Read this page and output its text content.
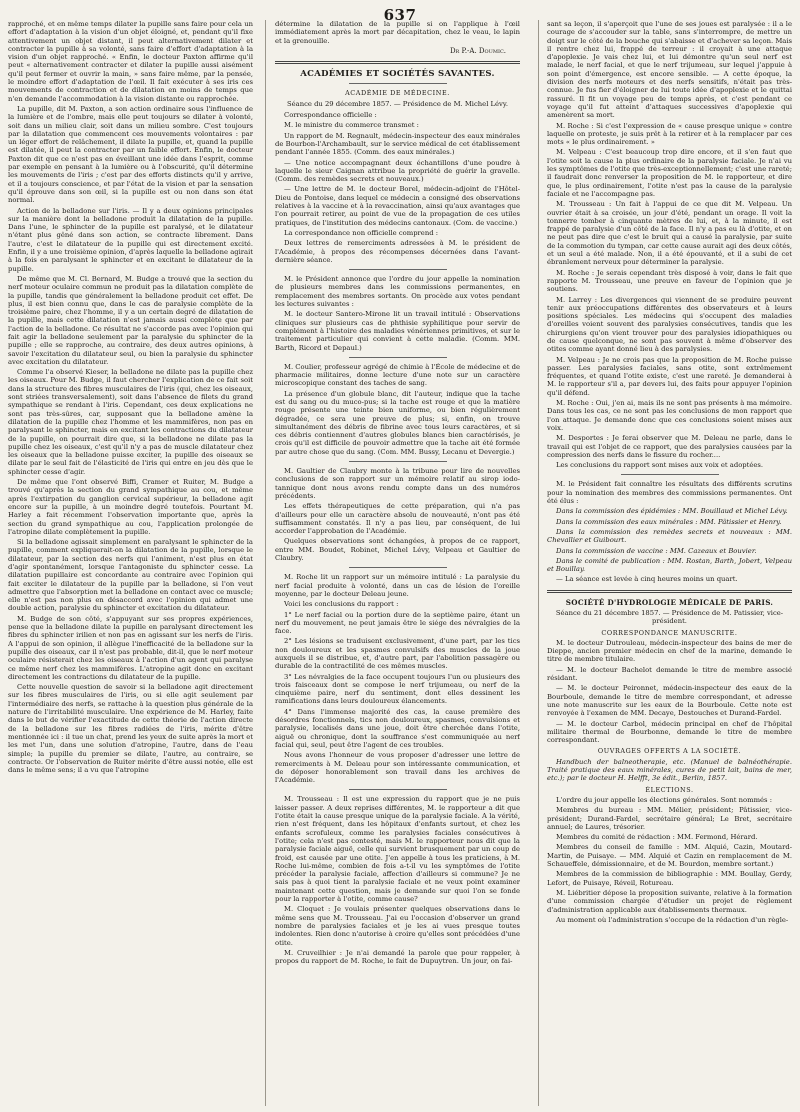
637

rapproché, et en même temps dilater la pupille sans faire pour cela un effort d'adaptation à la vision d'un objet éloigné, et, pendant qu'il fixe attentivement un objet distant, il peut alternativement dilater et contracter la pupille à sa volonté, sans faire d'effort d'adaptation à la vision d'un objet rapproché. « Enfin, le docteur Paxton affirme qu'il peut « alternativement contracter et dilater la pupille aussi aisément qu'il peut fermer et ouvrir la main, » sans faire même, par la pensée, le moindre effort d'adaptation de l'œil. Il fait exécuter à ses iris ces mouvements de contraction et de dilatation en moins de temps que n'en demande l'accommodation à la vision distante ou rapprochée.

La pupille, dit M. Paxton, a son action ordinaire sous l'influence de la lumière et de l'ombre, mais elle peut toujours se dilater à volonté, soit dans un milieu clair, soit dans un milieu sombre. C'est toujours par la dilatation que commencent ces mouvements volontaires : par un léger effort de relâchement, il dilate la pupille, et, quand la pupille est dilatée, il peut la contracter par un faible effort. Enfin, le docteur Paxton dit que ce n'est pas en éveillant une idée dans l'esprit, comme par exemple en pensant à la lumière ou à l'obscurité, qu'il détermine les mouvements de l'iris ; c'est par des efforts distincts qu'il y arrive, et il a toujours conscience, et par l'état de la vision et par la sensation qu'il éprouve dans son œil, si la pupille est ou non dans son état normal.

Action de la belladone sur l'iris. — Il y a deux opinions principales sur la manière dont la belladone produit la dilatation de la pupille. Dans l'une, le sphincter de la pupille est paralysé, et le dilatateur n'étant plus gêné dans son action, se contracte librement. Dans l'autre, c'est le dilatateur de la pupille qui est directement excité. Enfin, il y a une troisième opinion, d'après laquelle la belladone agirait à la fois en paralysant le sphincter et en excitant le dilatateur de la pupille.

De même que M. Cl. Bernard, M. Budge a trouvé que la section du nerf moteur oculaire commun ne produit pas la dilatation complète de la pupille, tandis que généralement la belladone produit cet effet. De plus, il est bien connu que, dans le cas de paralysie complète de la troisième paire, chez l'homme, il y a un certain degré de dilatation de la pupille, mais cette dilatation n'est jamais aussi complète que par l'action de la belladone. Ce résultat ne s'accorde pas avec l'opinion qui fait agir la belladone seulement par la paralysie du sphincter de la pupille ; elle se rapproche, au contraire, des deux autres opinions, à savoir l'excitation du dilatateur seul, ou bien la paralysie du sphincter avec excitation du dilatateur.

Comme l'a observé Kieser, la belladone ne dilate pas la pupille chez les oiseaux. Pour M. Budge, il faut chercher l'explication de ce fait soit dans la structure des fibres musculaires de l'iris (qui, chez les oiseaux, sont striées transversalement), soit dans l'absence de filets du grand sympathique se rendant à l'iris. Cependant, ces deux explications ne sont pas très-sûres, car, supposant que la belladone amène la dilatation de la pupille chez l'homme et les mammifères, non pas en paralysant le sphincter, mais en excitant les contractions du dilatateur de la pupille, on pourrait dire que, si la belladone ne dilate pas la pupille chez les oiseaux, c'est qu'il n'y a pas de muscle dilatateur chez les oiseaux que la belladone puisse exciter, la pupille des oiseaux se dilate par le seul fait de l'élasticité de l'iris qui entre en jeu dès que le sphincter cesse d'agir.

De même que l'ont observé Biffi, Cramer et Ruiter, M. Budge a trouvé qu'après la section du grand sympathique au cou, et même après l'extirpation du ganglion cervical supérieur, la belladone agit encore sur la pupille, à un moindre degré toutefois. Pourtant M. Harley a fait récemment l'observation importante que, après la section du grand sympathique au cou, l'application prolongée de l'atropine dilate complètement la pupille.

Si la belladone agissait simplement en paralysant le sphincter de la pupille, comment expliquerait-on la dilatation de la pupille, lorsque le dilatateur, par la section des nerfs qui l'animent, n'est plus en état d'agir spontanément, lorsque l'antagoniste du sphincter cesse. La dilatation pupillaire est concordante au contraire avec l'opinion qui fait exciter le dilatateur de la pupille par la belladone, si l'on veut admettre que l'absorption met la belladone en contact avec ce muscle; elle n'est pas non plus en désaccord avec l'opinion qui admet une double action, paralysie du sphincter et excitation du dilatateur.

M. Budge de son côté, s'appuyant sur ses propres expériences, pense que la belladone dilate la pupille en paralysant directement les fibres du sphincter irilien et non pas en agissant sur les nerfs de l'iris. A l'appui de son opinion, il allègue l'inefficacité de la belladone sur la pupille des oiseaux, car il n'est pas probable, dit-il, que le nerf moteur oculaire résisterait chez les oiseaux à l'action d'un agent qui paralyse ce même nerf chez les mammifères. L'atropine agit donc en excitant directement les contractions du dilatateur de la pupille.

Cette nouvelle question de savoir si la belladone agit directement sur les fibres musculaires de l'iris, ou si elle agit seulement par l'intermédiaire des nerfs, se rattache à la question plus générale de la nature de l'irritabilité musculaire. Une expérience de M. Harley, faite dans le but de vérifier l'exactitude de cette théorie de l'action directe de la belladone sur les fibres radiées de l'iris, mérite d'être mentionnée ici : il tue un chat, prend les yeux de suite après la mort et les met l'un, dans une solution d'atropine, l'autre, dans de l'eau simple; la pupille du premier se dilate, l'autre, au contraire, se contracte. Or l'observation de Ruiter mérite d'être aussi notée, elle est dans le même sens; il a vu que l'atropine

détermine la dilatation de la pupille si on l'applique à l'œil immédiatement après la mort par décapitation, chez le veau, le lapin et la grenouille.

Dr P.-A. Doumic.
ACADÉMIES ET SOCIÉTÉS SAVANTES.
ACADÉMIE DE MÉDECINE.
Séance du 29 décembre 1857. — Présidence de M. Michel Lévy.

Correspondance officielle :

M. le ministre du commerce transmet :

Un rapport de M. Regnault, médecin-inspecteur des eaux minérales de Bourbon-l'Archambault, sur le service médical de cet établissement pendant l'année 1855. (Comm. des eaux minérales.)

— Une notice accompagnant deux échantillons d'une poudre à laquelle le sieur Caignan attribue la propriété de guérir la gravelle. (Comm. des remèdes secrets et nouveaux.)

— Une lettre de M. le docteur Borel, médecin-adjoint de l'Hôtel-Dieu de Pontoise, dans lequel ce médecin a consigné des observations relatives à la vaccine et à la revaccination, ainsi qu'aux avantages que l'on pourrait retirer, au point de vue de la propagation de ces utiles pratiques, de l'institution des médecins cantonaux. (Com. de vaccine.)

La correspondance non officielle comprend :

Deux lettres de remerciments adressées à M. le président de l'Académie, à propos des récompenses décernées dans l'avant-dernière séance.

M. le Président annonce que l'ordre du jour appelle la nomination de plusieurs membres dans les commissions permanentes, en remplacement des membres sortants. On procède aux votes pendant les lectures suivantes :

M. le docteur Santero-Mirone lit un travail intitulé : Observations cliniques sur plusieurs cas de phthisie syphilitique pour servir de complément à l'histoire des maladies vénériennes primitives, et sur le traitement particulier qui convient à cette maladie. (Comm. MM. Barth, Ricord et Depaul.)

M. Coulier, professeur agrégé de chimie à l'École de médecine et de pharmacie militaires, donne lecture d'une note sur un caractère microscopique constant des taches de sang.

La présence d'un globule blanc, dit l'auteur, indique que la tache est du sang ou du muco-pus; si la tache est rouge et que la matière rouge présente une teinte bien uniforme, ou bien régulièrement dégradée, ce sera une preuve de plus; si, enfin, on trouve simultanément des débris de fibrine avec tous leurs caractères, et si ces débris contiennent d'autres globules blancs bien caractérisés, je crois qu'il est difficile de pouvoir admettre que la tache ait été formée par autre chose que du sang. (Com. MM. Bussy, Lecanu et Devergie.)

M. Gaultier de Claubry monte à la tribune pour lire de nouvelles conclusions de son rapport sur un mémoire relatif au sirop iodo-tannique dont nous avons rendu compte dans un des numéros précédents.

Les effets thérapeutiques de cette préparation, qui n'a pas d'ailleurs pour elle un caractère absolu de nouveauté, n'ont pas été suffisamment constatés. Il n'y a pas lieu, par conséquent, de lui accorder l'approbation de l'Académie.

Quelques observations sont échangées, à propos de ce rapport, entre MM. Boudet, Robinet, Michel Lévy, Velpeau et Gaultier de Claubry.

M. Roche lit un rapport sur un mémoire intitulé : La paralysie du nerf facial produite à volonté, dans un cas de lésion de l'oreille moyenne, par le docteur Deleau jeune.

Voici les conclusions du rapport :

1° Le nerf facial ou la portion dure de la septième paire, étant un nerf du mouvement, ne peut jamais être le siége des névralgies de la face.

2° Les lésions se traduisent exclusivement, d'une part, par les tics non douloureux et les spasmes convulsifs des muscles de la joue auxquels il se distribue, et, d'autre part, par l'abolition passagère ou durable de la contractilité de ces mêmes muscles.

3° Les névralgies de la face occupent toujours l'un ou plusieurs des trois faisceaux dont se compose le nerf trijumeau, ou nerf de la cinquième paire, nerf du sentiment, dont elles dessinent les ramifications dans leurs douloureux élancements.

4° Dans l'immense majorité des cas, la cause première des désordres fonctionnels, tics non douloureux, spasmes, convulsions et paralysie, localisés dans une joue, doit être cherchée dans l'otite, aiguë ou chronique, dont la souffrance s'est communiquée au nerf facial qui, seul, peut être l'agent de ces troubles.

Nous avons l'honneur de vous proposer d'adresser une lettre de remerciments à M. Deleau pour son intéressante communication, et de déposer honorablement son travail dans les archives de l'Académie.

M. Trousseau : Il est une expression du rapport que je ne puis laisser passer. A deux reprises différentes, M. le rapporteur a dit que l'otite était la cause presque unique de la paralysie faciale. A la vérité, rien n'est fréquent, dans les hôpitaux d'enfants surtout, et chez les enfants scrofuleux, comme les paralysies faciales consécutives à l'otite; cela n'est pas contesté, mais M. le rapporteur nous dit que la paralysie faciale aiguë, celle qui survient brusquement par un coup de froid, est causée par une otite. J'en appelle à tous les praticiens, à M. Roche lui-même, combien de fois a-t-il vu les symptômes de l'otite précéder la paralysie faciale, affection d'ailleurs si commune? Je ne sais pas à quoi tient la paralysie faciale et ne veux point examiner maintenant cette question, mais je demande sur quoi l'on se fonde pour la rapporter à l'otite, comme cause?

M. Cloquet : Je voulais présenter quelques observations dans le même sens que M. Trousseau. J'ai eu l'occasion d'observer un grand nombre de paralysies faciales et je les ai vues presque toutes indolentes. Rien donc n'autorise à croire qu'elles sont précédées d'une otite.

M. Cruveilhier : Je n'ai demandé la parole que pour rappeler, à propos du rapport de M. Roche, le fait de Dupuytren. Un jour, on fai-

sant sa leçon, il s'aperçoit que l'une de ses joues est paralysée : il a le courage de s'accouder sur la table, sans s'interrompre, de mettre un doigt sur le côté de la bouche qui s'abaisse et d'achever sa leçon. Mais il rentre chez lui, frappé de terreur : il croyait à une attaque d'apoplexie. Je vais chez lui, et lui démontre qu'un seul nerf est malade, le nerf facial, et que le nerf trijumeau, sur lequel j'appuie à son point d'émergence, est encore sensible. — A cette époque, la division des nerfs moteurs et des nerfs sensitifs, n'était pas très-connue. Je fus fier d'éloigner de lui toute idée d'apoplexie et le quittai rassuré. Il fit un voyage peu de temps après, et c'est pendant ce voyage qu'il fut atteint d'attaques successives d'apoplexie qui amenèrent sa mort.

M. Roche : Si c'est l'expression de « cause presque unique » contre laquelle on proteste, je suis prêt à la retirer et à la remplacer par ces mots « le plus ordinairement. »

M. Velpeau : C'est beaucoup trop dire encore, et il s'en faut que l'otite soit la cause la plus ordinaire de la paralysie faciale. Je n'ai vu les symptômes de l'otite que très-exceptionnellement; c'est une rareté; il faudrait donc renverser la proposition de M. le rapporteur, et dire que, le plus ordinairement, l'otite n'est pas la cause de la paralysie faciale et ne l'accompagne pas.

M. Trousseau : Un fait à l'appui de ce que dit M. Velpeau. Un ouvrier était à sa croisée, un jour d'été, pendant un orage. Il voit la tonnerre tomber à cinquante mètres de lui, et, à la minute, il est frappé de paralysie d'un côté de la face. Il n'y a pas eu là d'otite, et on ne peut pas dire que c'est le bruit qui a causé la paralysie, par suite de la commotion du tympan, car cette cause aurait agi des deux côtés, et un seul a été malade. Non, il a été épouvanté, et il a subi de cet ébranlement nerveux pour déterminer la paralysie.

M. Roche : Je serais cependant très disposé à voir, dans le fait que rapporte M. Trousseau, une preuve en faveur de l'opinion que je soutiens.

M. Larrey : Les divergences qui viennent de se produire peuvent tenir aux préoccupations différentes des observateurs et à leurs positions spéciales. Les médecins qui s'occupent des maladies d'oreilles voient souvent des paralysies consécutives, tandis que les chirurgiens qu'on vient trouver pour des paralysies idiopathiques ou de cause quelconque, ne sont pas souvent à même d'observer des otites comme ayant donné lieu à des paralysies.

M. Velpeau : Je ne crois pas que la proposition de M. Roche puisse passer. Les paralysies faciales, sans otite, sont extrêmement fréquentes, et quand l'otite existe, c'est une rareté. Je demanderai à M. le rapporteur s'il a, par devers lui, des faits pour appuyer l'opinion qu'il défend.

M. Roche : Oui, j'en ai, mais ils ne sont pas présents à ma mémoire. Dans tous les cas, ce ne sont pas les conclusions de mon rapport que l'on attaque. Je demande donc que ces conclusions soient mises aux voix.

M. Desportes : Je ferai observer que M. Deleau ne parle, dans le travail qui est l'objet de ce rapport, que des paralysies causées par la compression des nerfs dans le fissure du rocher....

Les conclusions du rapport sont mises aux voix et adoptées.

M. le Président fait connaître les résultats des différents scrutins pour la nomination des membres des commissions permanentes. Ont été élus :

Dans la commission des épidémies : MM. Bouillaud et Michel Lévy.

Dans la commission des eaux minérales : MM. Pâtissier et Henry.

Dans la commission des remèdes secrets et nouveaux : MM. Chevallier et Guibourt.

Dans la commission de vaccine : MM. Cazeaux et Bouvier.

Dans le comité de publication : MM. Rostan, Barth, Jobert, Velpeau et Bouillay.

— La séance est levée à cinq heures moins un quart.

SOCIÉTÉ D'HYDROLOGIE MÉDICALE DE PARIS.
Séance du 21 décembre 1857. — Présidence de M. Patissier, vice-président.
CORRESPONDANCE MANUSCRITE.

M. le docteur Dutrouleau, médecin-inspecteur des bains de mer de Dieppe, ancien premier médecin en chef de la marine, demande le titre de membre titulaire.

— M. le docteur Bachelot demande le titre de membre associé résidant.

— M. le docteur Peironnet, médecin-inspecteur des eaux de la Bourboule, demande le titre de membre correspondant, et adresse une note manuscrite sur les eaux de la Bourboule. Cette note est renvoyée à l'examen de MM. Decaye, Destouches et Durand-Fardel.

— M. le docteur Carbol, médecin principal en chef de l'hôpital militaire thermal de Bourbonne, demande le titre de membre correspondant.

OUVRAGES OFFERTS A LA SOCIÉTÉ.

Handbuch der balneotherapie, etc. (Manuel de balnéothérapie. Traité pratique des eaux minérales, cures de petit lait, bains de mer, etc.); par le docteur H. Helfft, 3e édit., Berlin, 1857.

ÉLECTIONS.

L'ordre du jour appelle les élections générales. Sont nommés :

Membres du bureau : MM. Mélier, président; Pâtissier, vice-président; Durand-Fardel, secrétaire général; Le Bret, secrétaire annuel; de Laures, trésorier.

Membres du comité de rédaction : MM. Fermond, Hérard.

Membres du conseil de famille : MM. Alquié, Cazin, Moutard-Martin, de Puisaye. — MM. Alquié et Cazin en remplacement de M. Schaueffele, démissionnaire, et de M. Bourdon, membre sortant.)

Membres de la commission de bibliographie : MM. Boullay, Gerdy, Lefort, de Puisaye, Réveil, Rotureau.

M. Liébritier dépose la proposition suivante, relative à la formation d'une commission chargée d'étudier un projet de règlement d'administration applicable aux établissements thermaux.

Au moment où l'administration s'occupe de la rédaction d'un règle-
